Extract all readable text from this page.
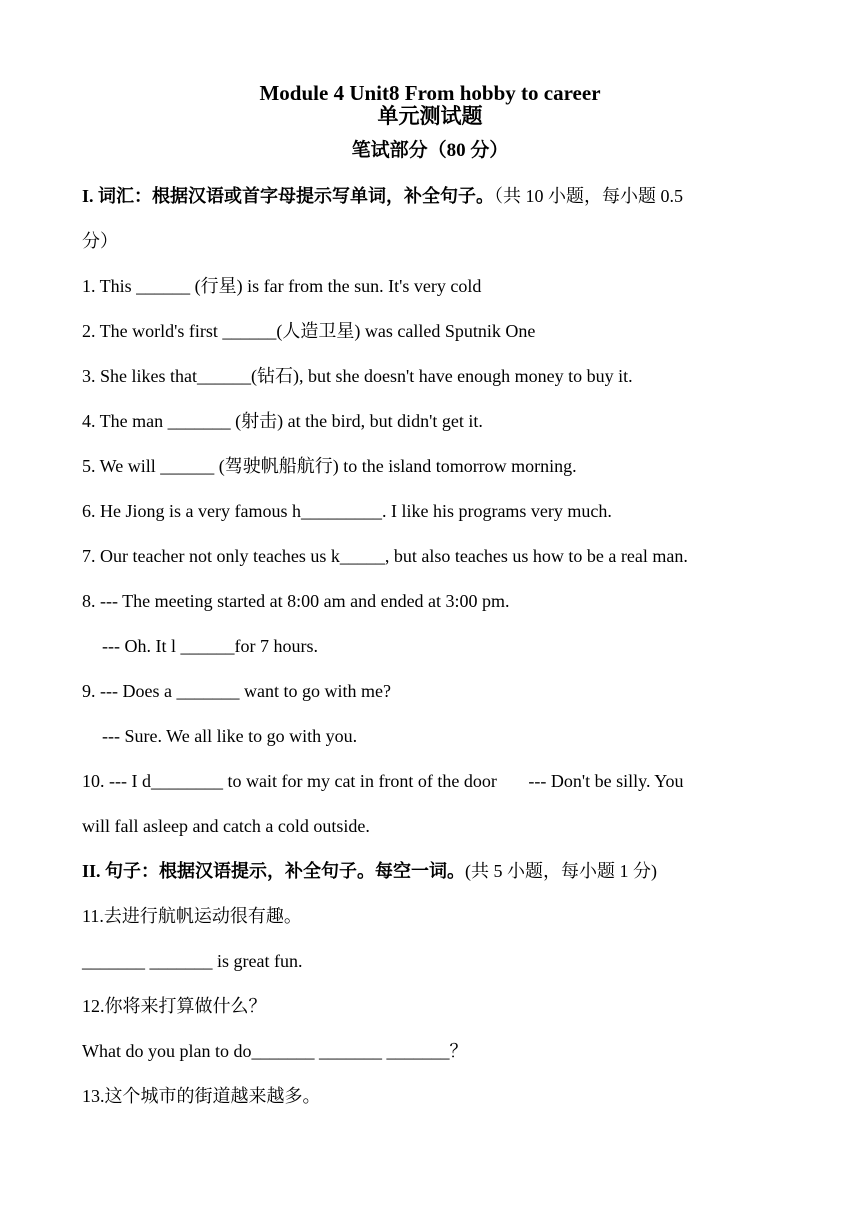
Module 4 Unit8 From hobby to career
单元测试题
笔试部分（80 分）
I. 词汇：根据汉语或首字母提示写单词，补全句子。（共 10 小题，每小题 0.5
分）
1. This ______ (行星) is far from the sun. It's very cold
2. The world's first ______(人造卫星) was called Sputnik One
3. She likes that______(钻石), but she doesn't have enough money to buy it.
4. The man _______ (射击) at the bird, but didn't get it.
5. We will ______ (驾驶帆船航行) to the island tomorrow morning.
6. He Jiong is a very famous h_________. I like his programs very much.
7. Our teacher not only teaches us k_____, but also teaches us how to be a real man.
8. --- The meeting started at 8:00 am and ended at 3:00 pm.
--- Oh. It l ______for 7 hours.
9. --- Does a _______ want to go with me?
--- Sure. We all like to go with you.
10. --- I d________ to wait for my cat in front of the door       --- Don't be silly. You
will fall asleep and catch a cold outside.
II. 句子：根据汉语提示，补全句子。每空一词。(共 5 小题，每小题 1 分)
11.去进行航帆运动很有趣。
_______ _______ is great fun.
12.你将来打算做什么？
What do you plan to do_______ _______ _______？
13.这个城市的街道越来越多。
